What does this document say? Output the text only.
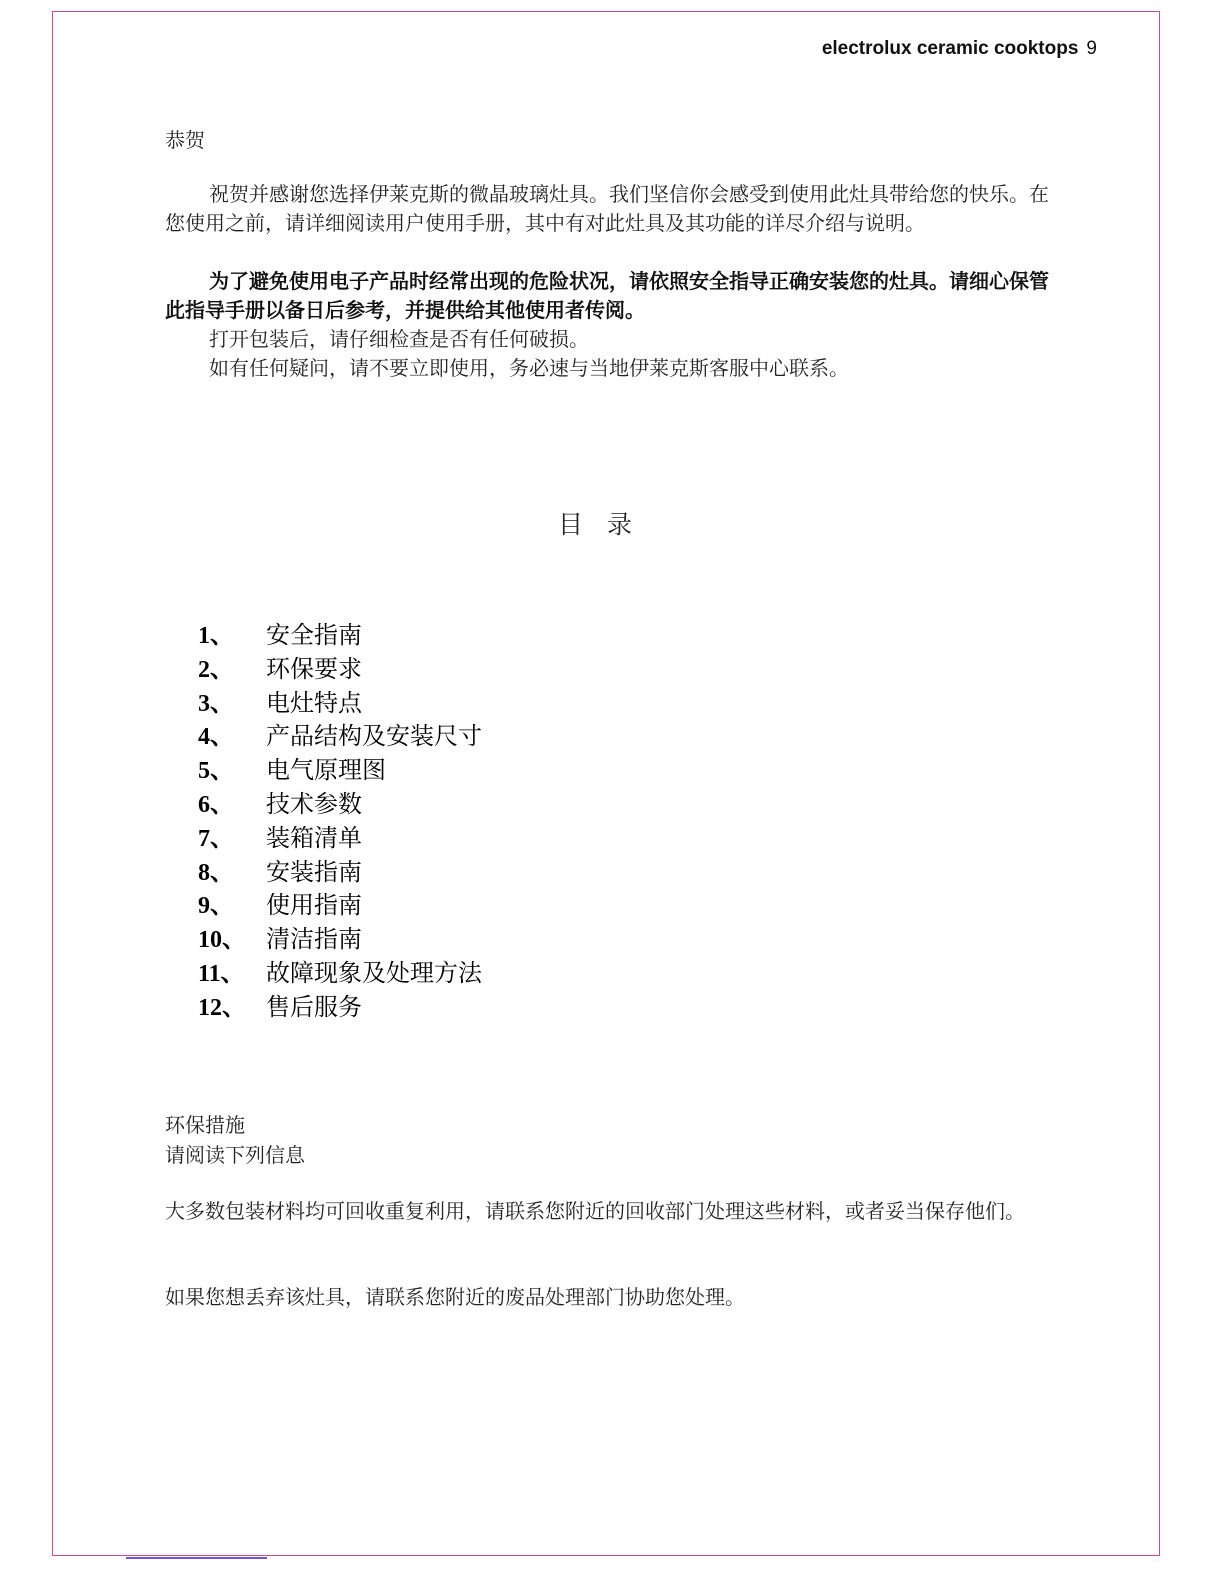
electrolux ceramic cooktops 9
恭贺

祝贺并感谢您选择伊莱克斯的微晶玻璃灶具。我们坚信你会感受到使用此灶具带给您的快乐。在您使用之前，请详细阅读用户使用手册，其中有对此灶具及其功能的详尽介绍与说明。

为了避免使用电子产品时经常出现的危险状况，请依照安全指导正确安装您的灶具。请细心保管此指导手册以备日后参考，并提供给其他使用者传阅。

打开包装后，请仔细检查是否有任何破损。

如有任何疑问，请不要立即使用，务必速与当地伊莱克斯客服中心联系。

目录
1、 安全指南
2、 环保要求
3、 电灶特点
4、 产品结构及安装尺寸
5、 电气原理图
6、 技术参数
7、 装箱清单
8、 安装指南
9、 使用指南
10、 清洁指南
11、 故障现象及处理方法
12、 售后服务
环保措施
请阅读下列信息

大多数包装材料均可回收重复利用，请联系您附近的回收部门处理这些材料，或者妥当保存他们。

如果您想丢弃该灶具，请联系您附近的废品处理部门协助您处理。
